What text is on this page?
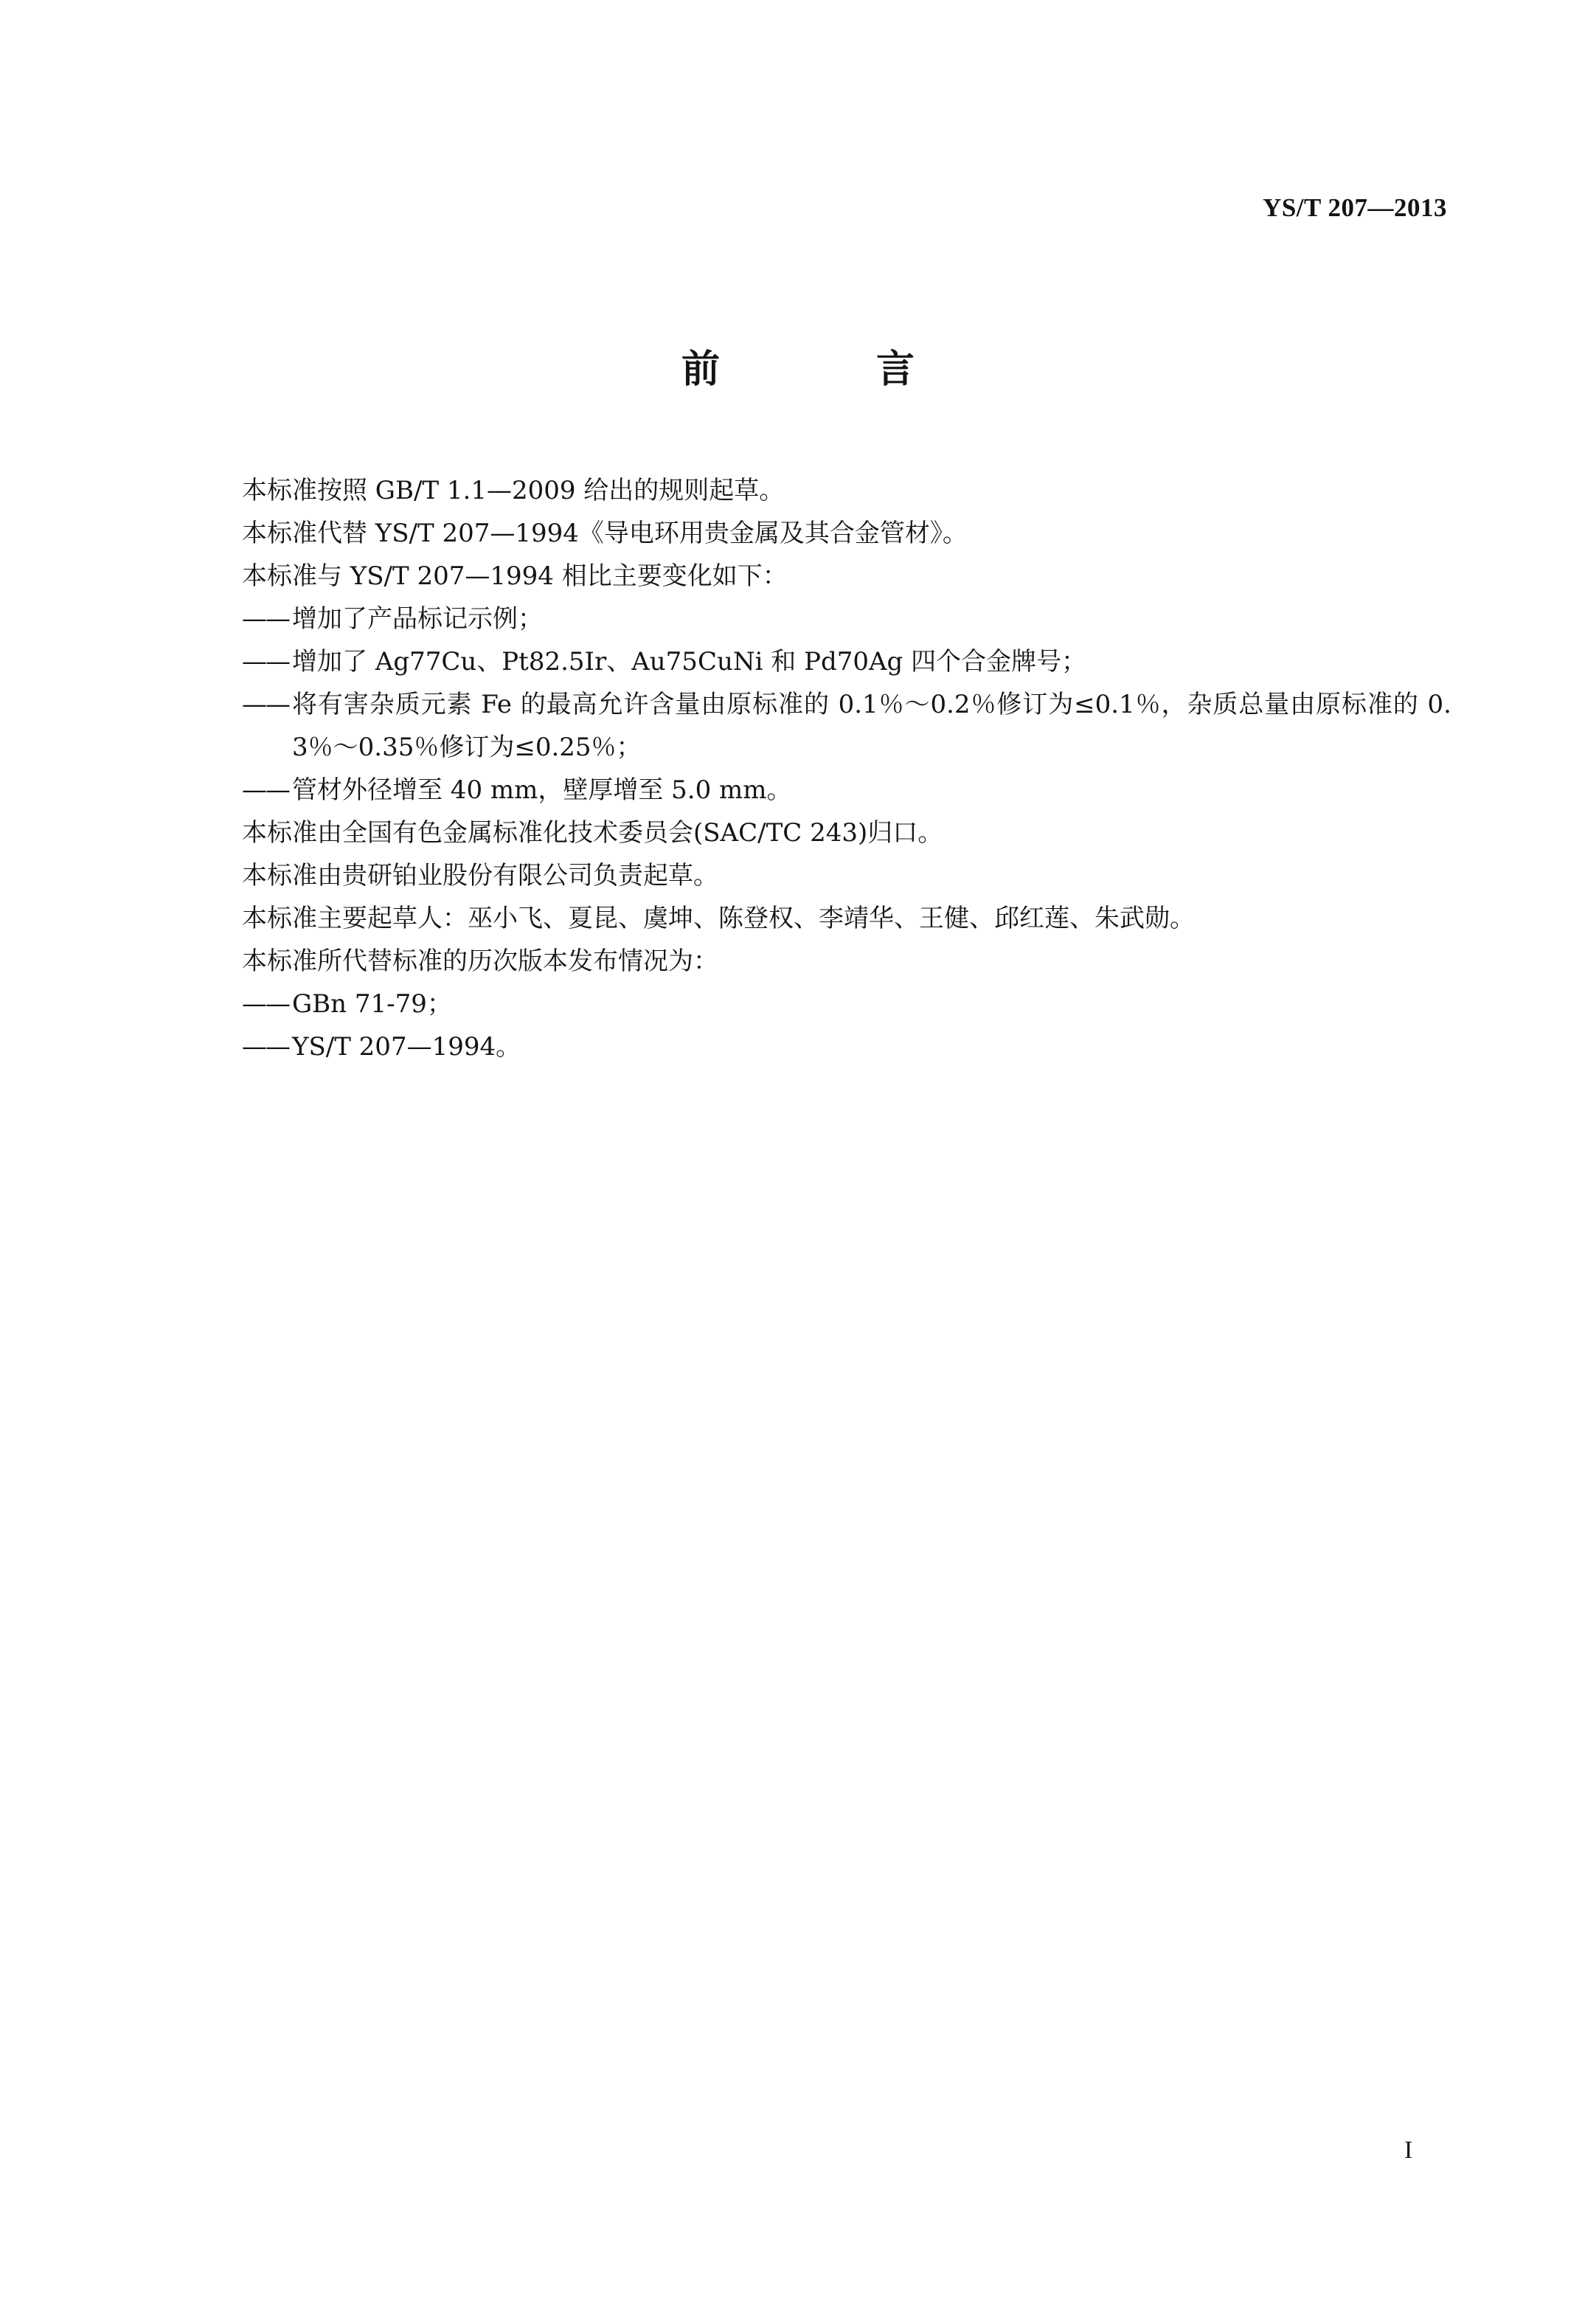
YS/T 207—2013
前　言
本标准按照 GB/T 1.1—2009 给出的规则起草。
本标准代替 YS/T 207—1994《导电环用贵金属及其合金管材》。
本标准与 YS/T 207—1994 相比主要变化如下：
—— 增加了产品标记示例；
—— 增加了 Ag77Cu、Pt82.5Ir、Au75CuNi 和 Pd70Ag 四个合金牌号；
—— 将有害杂质元素 Fe 的最高允许含量由原标准的 0.1％～0.2％修订为≤0.1％，杂质总量由原标准的 0.3％～0.35％修订为≤0.25％；
—— 管材外径增至 40 mm，壁厚增至 5.0 mm。
本标准由全国有色金属标准化技术委员会(SAC/TC 243)归口。
本标准由贵研铂业股份有限公司负责起草。
本标准主要起草人：巫小飞、夏昆、虞坤、陈登权、李靖华、王健、邱红莲、朱武勋。
本标准所代替标准的历次版本发布情况为：
—— GBn 71-79；
—— YS/T 207—1994。
I
